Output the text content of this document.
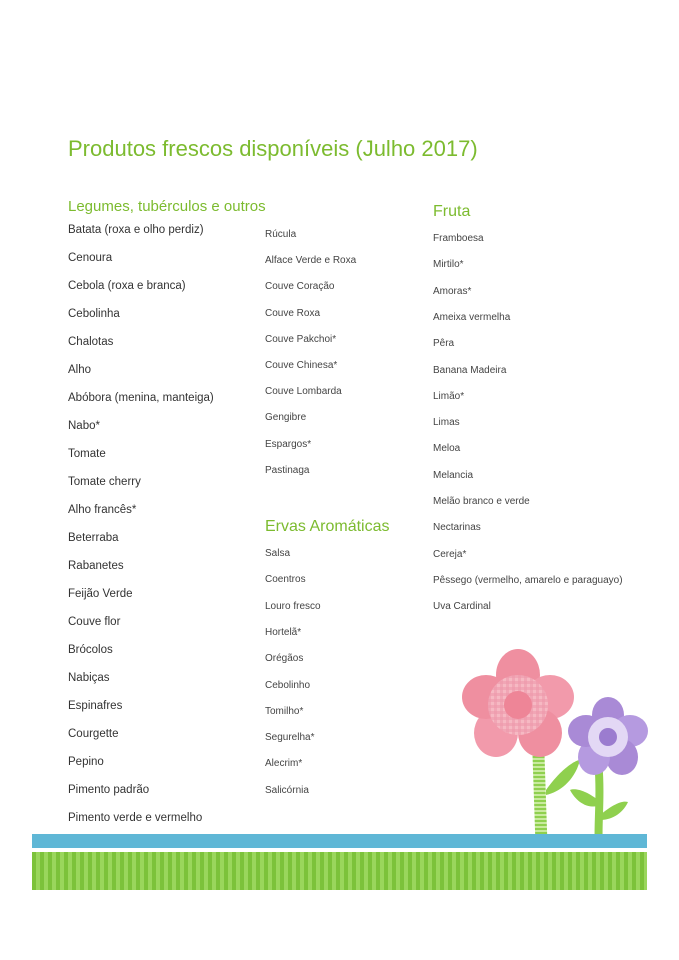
Produtos frescos disponíveis (Julho 2017)
Legumes, tubérculos e outros
Batata (roxa e olho perdiz)
Cenoura
Cebola (roxa e branca)
Cebolinha
Chalotas
Alho
Abóbora (menina, manteiga)
Nabo*
Tomate
Tomate cherry
Alho francês*
Beterraba
Rabanetes
Feijão Verde
Couve flor
Brócolos
Nabiças
Espinafres
Courgette
Pepino
Pimento padrão
Pimento verde e vermelho
Rúcula
Alface Verde e Roxa
Couve Coração
Couve Roxa
Couve Pakchoi*
Couve Chinesa*
Couve Lombarda
Gengibre
Espargos*
Pastinaga
Ervas Aromáticas
Salsa
Coentros
Louro fresco
Hortelã*
Orégãos
Cebolinho
Tomilho*
Segurelha*
Alecrim*
Salicórnia
Fruta
Framboesa
Mirtilo*
Amoras*
Ameixa vermelha
Pêra
Banana Madeira
Limão*
Limas
Meloa
Melancia
Melão branco e verde
Nectarinas
Cereja*
Pêssego (vermelho, amarelo e paraguayo)
Uva Cardinal
